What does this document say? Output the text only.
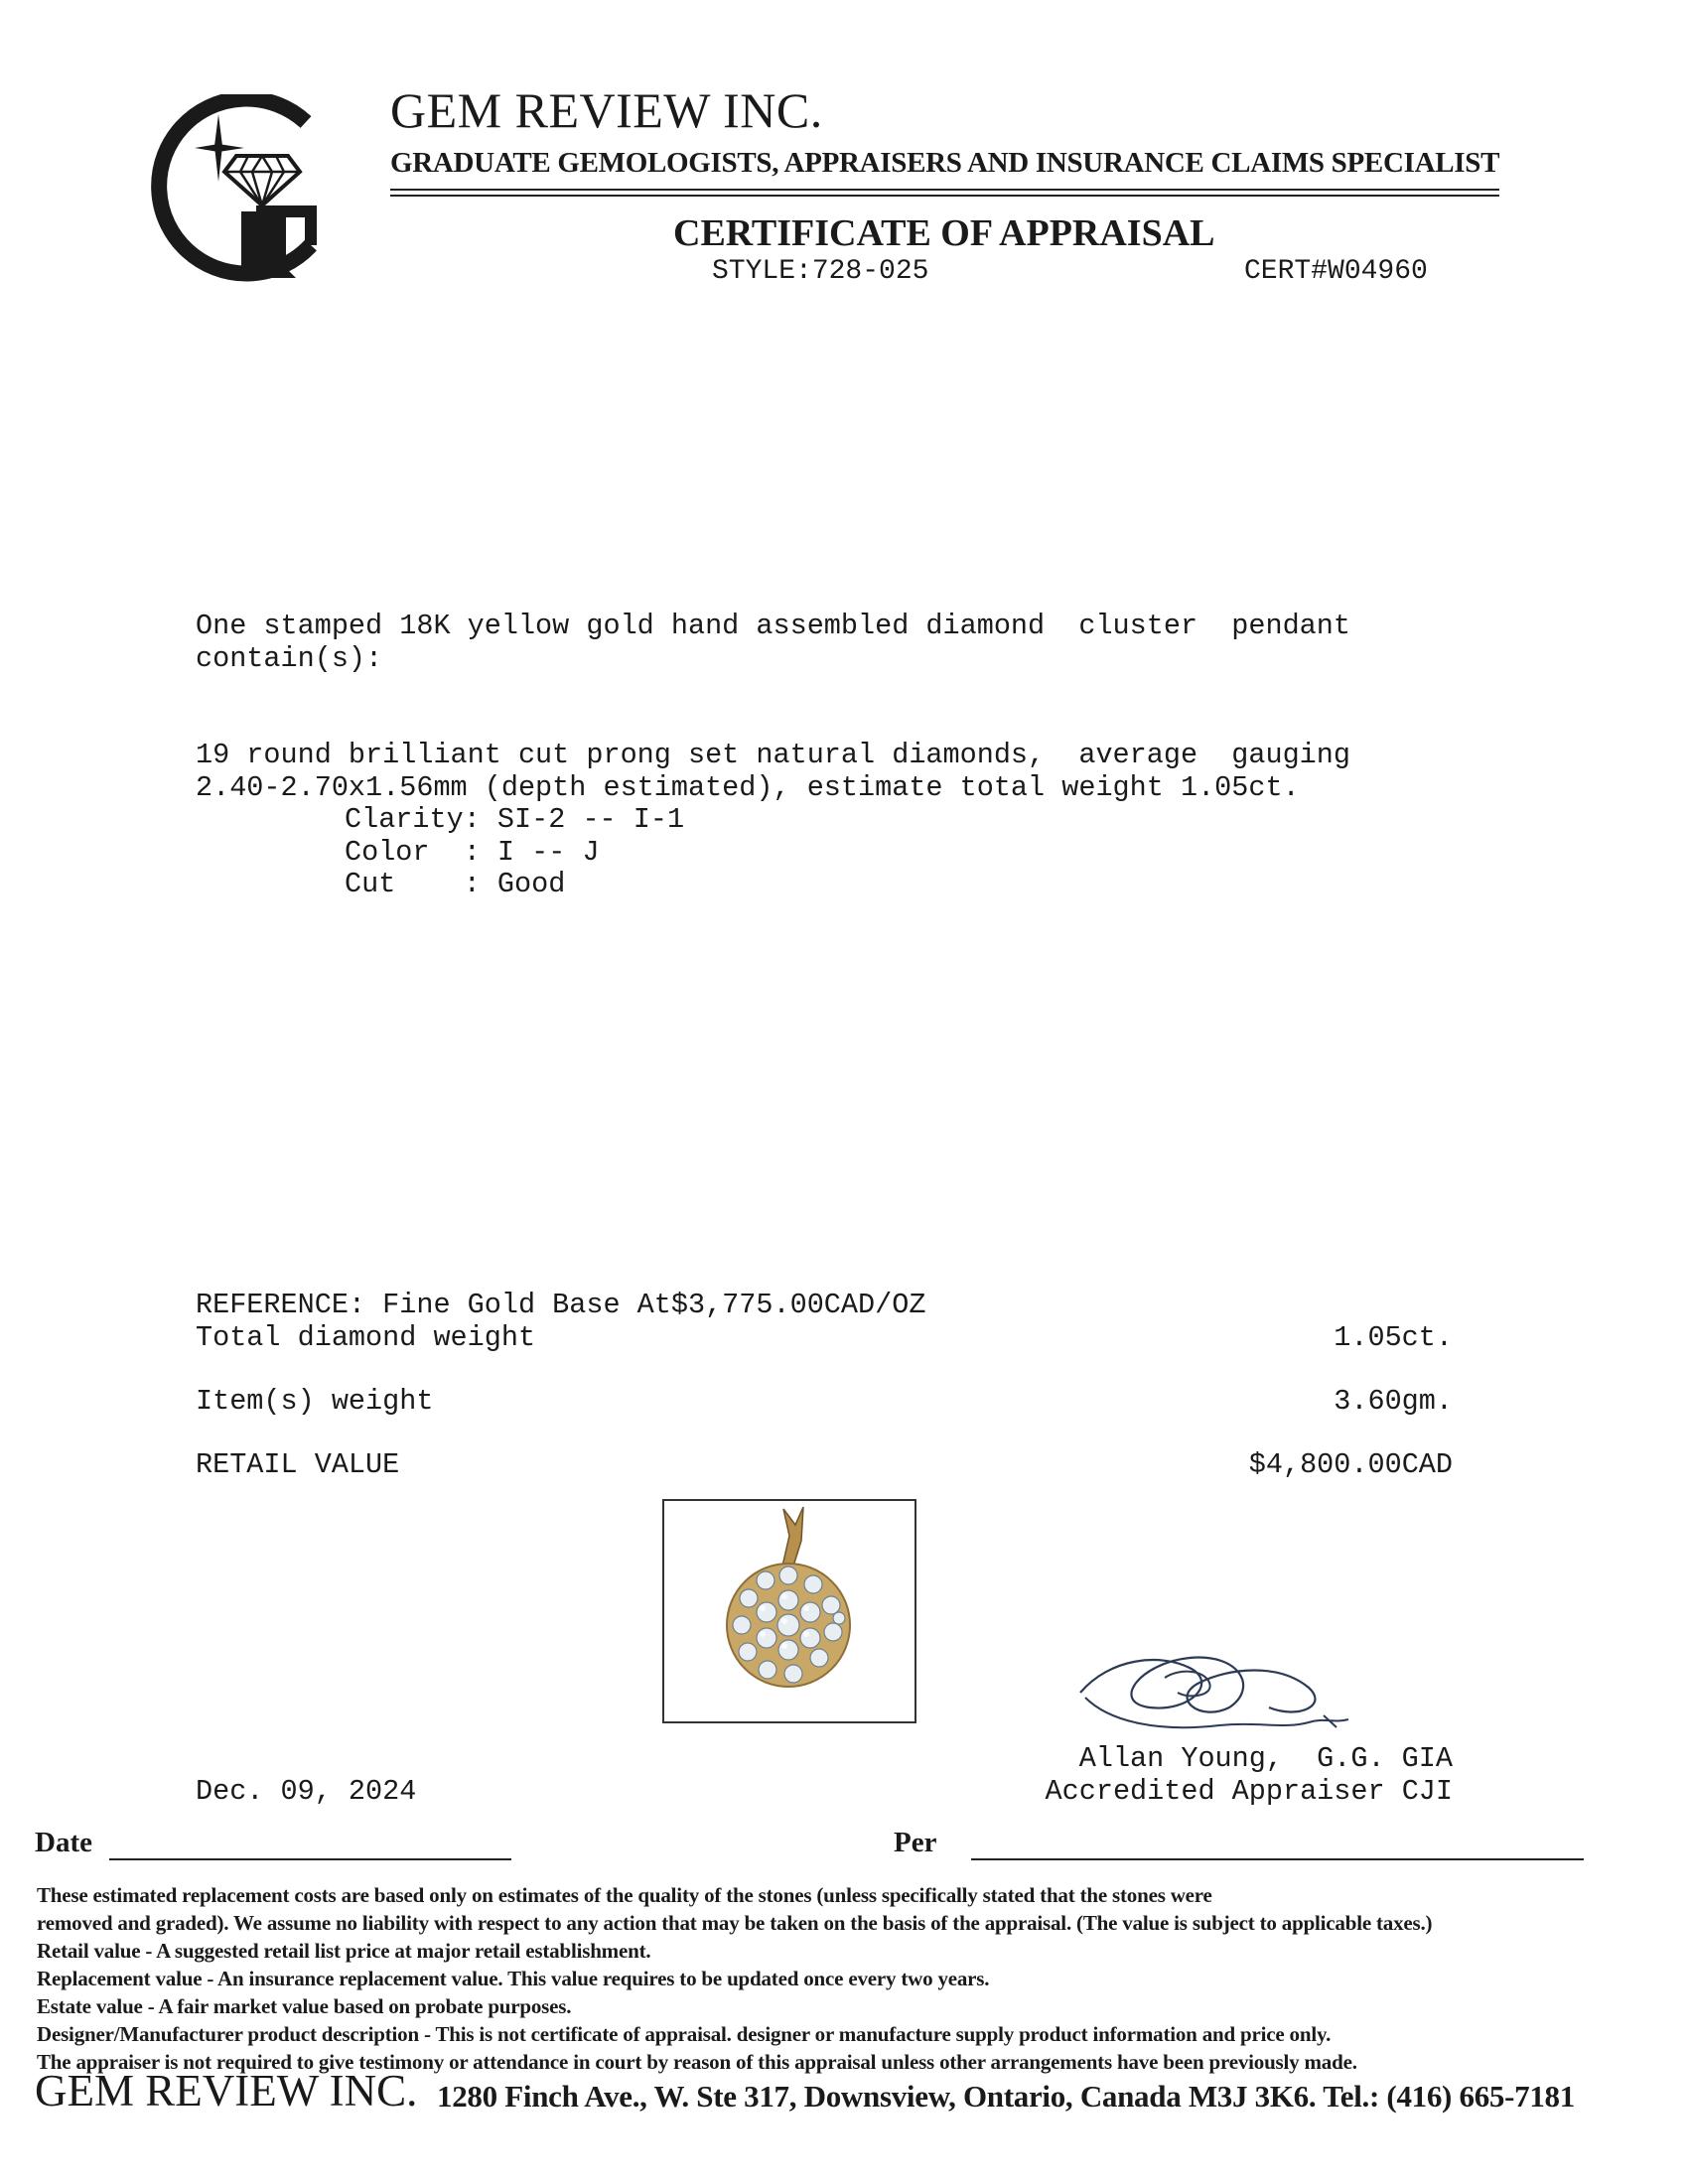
GEM REVIEW INC.
GRADUATE GEMOLOGISTS, APPRAISERS AND INSURANCE CLAIMS SPECIALIST
CERTIFICATE OF APPRAISAL
STYLE:728-025	CERT#W04960
One stamped 18K yellow gold hand assembled diamond  cluster  pendant
contain(s):
19 round brilliant cut prong set natural diamonds,  average  gauging
2.40-2.70x1.56mm (depth estimated), estimate total weight 1.05ct.
Clarity: SI-2 -- I-1
Color  : I -- J
Cut    : Good
REFERENCE: Fine Gold Base At$3,775.00CAD/OZ
Total diamond weight	1.05ct.
Item(s) weight	3.60gm.
RETAIL VALUE	$4,800.00CAD
Allan Young,  G.G. GIA
Accredited Appraiser CJI
Dec. 09, 2024
Date	Per
These estimated replacement costs are based only on estimates of the quality of the stones (unless specifically stated that the stones were
removed and graded). We assume no liability with respect to any action that may be taken on the basis of the appraisal. (The value is subject to applicable taxes.)
Retail value - A suggested retail list price at major retail establishment.
Replacement value - An insurance replacement value. This value requires to be updated once every two years.
Estate value - A fair market value based on probate purposes.
Designer/Manufacturer product description - This is not certificate of appraisal. designer or manufacture supply product information and price only.
The appraiser is not required to give testimony or attendance in court by reason of this appraisal unless other arrangements have been previously made.
GEM REVIEW INC. 1280 Finch Ave., W. Ste 317, Downsview, Ontario, Canada M3J 3K6. Tel.: (416) 665-7181
